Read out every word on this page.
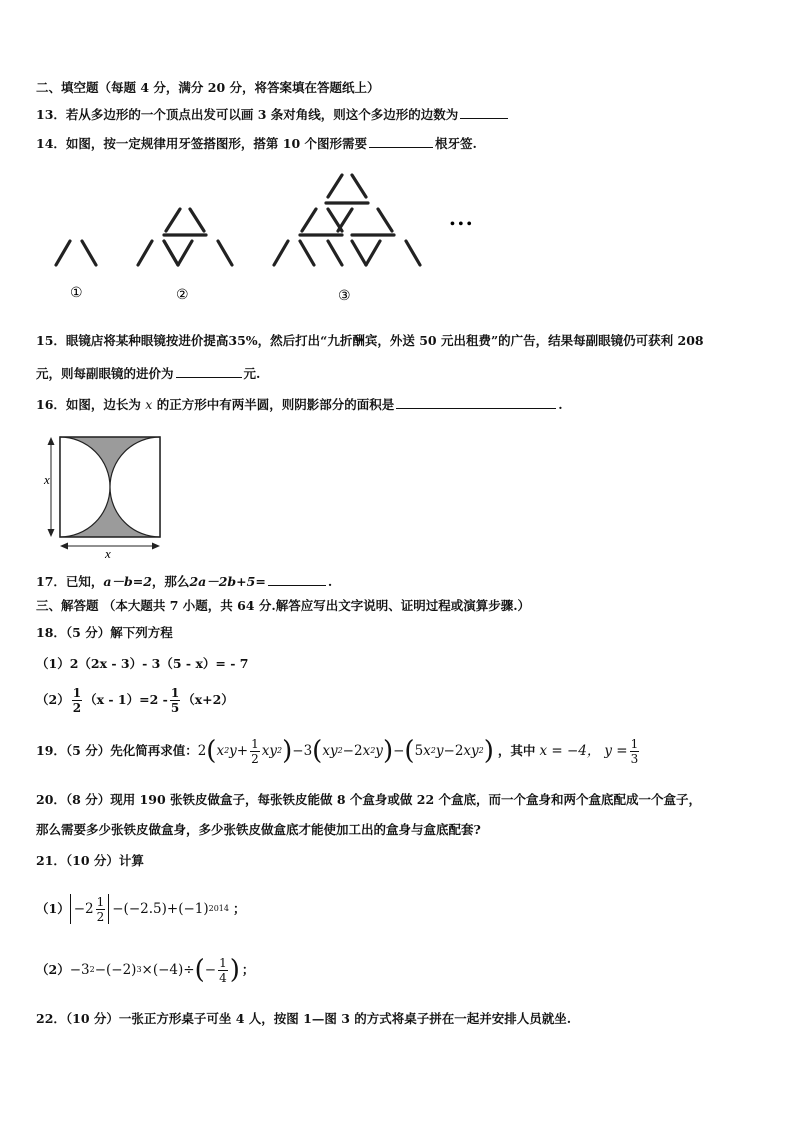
二、填空题（每题 4 分，满分 20 分，将答案填在答题纸上）
13．若从多边形的一个顶点出发可以画 3 条对角线，则这个多边形的边数为
14．如图，按一定规律用牙签搭图形，搭第 10 个图形需要	根牙签.
①	②	③
• • •
15．眼镜店将某种眼镜按进价提高35%，然后打出“九折酬宾，外送 50 元出租费”的广告，结果每副眼镜仍可获利 208
元，则每副眼镜的进价为	元.
16．如图，边长为 x 的正方形中有两半圆，则阴影部分的面积是	.
x
x
17．已知，a－b=2，那么2a－2b+5=	.
三、解答题 （本大题共 7 小题，共 64 分.解答应写出文字说明、证明过程或演算步骤.）
18．（5 分）解下列方程
（1）2（2x - 3）- 3（5 - x）= - 7
$(2) \frac{1}{2} (x - 1)=2 - \frac{1}{5} (x+2)$
19．（5 分）先化简再求值： 2 ( x 2 $y+ \frac{1}{2}$ xy 2 ) −3 ( xy 2 − 2 x 2 y ) − ( 5 x 2 y− 2 xy 2 ) ，其中 x = −4， $y = \frac{1}{3}$
20．（8 分）现用 190 张铁皮做盒子，每张铁皮能做 8 个盒身或做 22 个盒底，而一个盒身和两个盒底配成一个盒子，
那么需要多少张铁皮做盒身，多少张铁皮做盒底才能使加工出的盒身与盒底配套?
21．（10 分）计算
$(1) -2 \frac{1}{2} -(-2.5)+(-1)$ 2014 ；
（2） −3 2 −(−2) 3 ×(−4)÷ ( − $\frac{1}{4}$ ) ；
22．（10 分）一张正方形桌子可坐 4 人，按图 1—图 3 的方式将桌子拼在一起并安排人员就坐.
